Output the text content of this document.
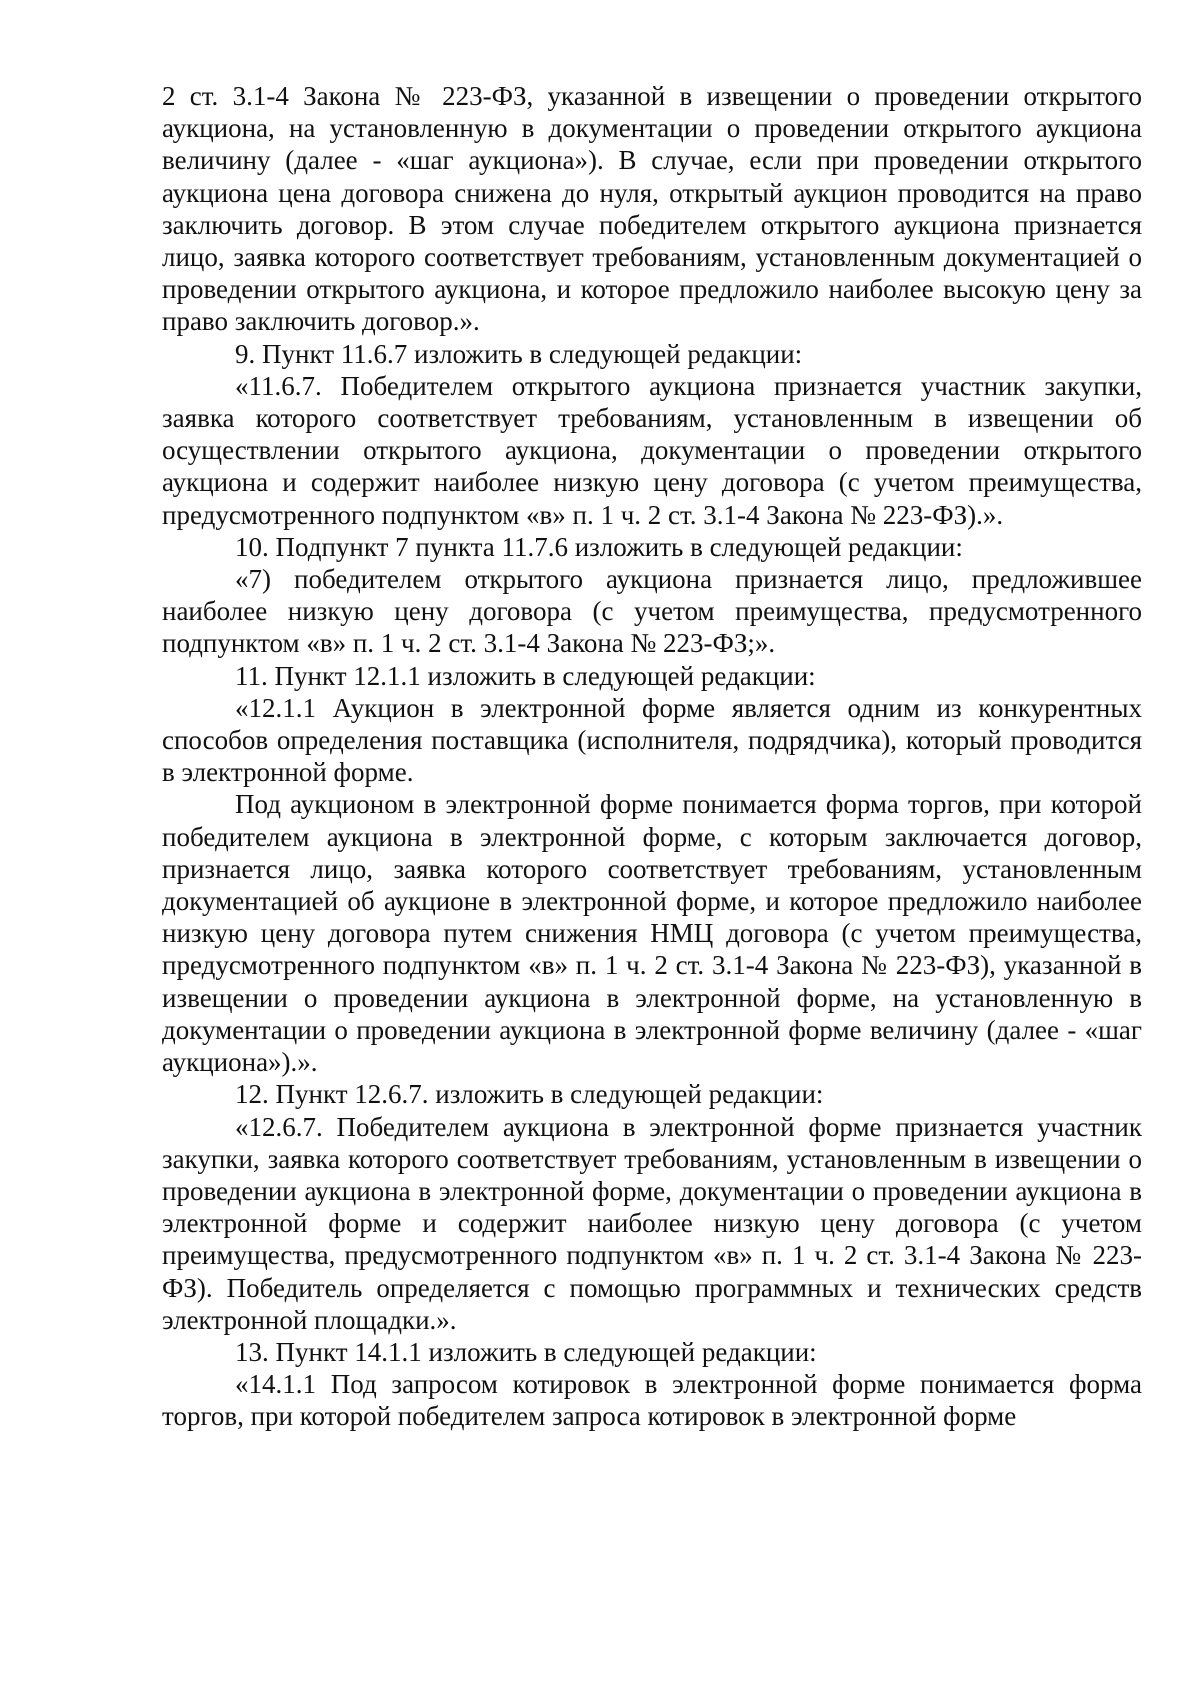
2 ст. 3.1-4 Закона № 223-ФЗ, указанной в извещении о проведении открытого аукциона, на установленную в документации о проведении открытого аукциона величину (далее - «шаг аукциона»). В случае, если при проведении открытого аукциона цена договора снижена до нуля, открытый аукцион проводится на право заключить договор. В этом случае победителем открытого аукциона признается лицо, заявка которого соответствует требованиям, установленным документацией о проведении открытого аукциона, и которое предложило наиболее высокую цену за право заключить договор.».

9. Пункт 11.6.7 изложить в следующей редакции:

«11.6.7. Победителем открытого аукциона признается участник закупки, заявка которого соответствует требованиям, установленным в извещении об осуществлении открытого аукциона, документации о проведении открытого аукциона и содержит наиболее низкую цену договора (с учетом преимущества, предусмотренного подпунктом «в» п. 1 ч. 2 ст. 3.1-4 Закона № 223-ФЗ).».

10. Подпункт 7 пункта 11.7.6 изложить в следующей редакции:

«7) победителем открытого аукциона признается лицо, предложившее наиболее низкую цену договора (с учетом преимущества, предусмотренного подпунктом «в» п. 1 ч. 2 ст. 3.1-4 Закона № 223-ФЗ;».

11. Пункт 12.1.1 изложить в следующей редакции:

«12.1.1 Аукцион в электронной форме является одним из конкурентных способов определения поставщика (исполнителя, подрядчика), который проводится в электронной форме.

Под аукционом в электронной форме понимается форма торгов, при которой победителем аукциона в электронной форме, с которым заключается договор, признается лицо, заявка которого соответствует требованиям, установленным документацией об аукционе в электронной форме, и которое предложило наиболее низкую цену договора путем снижения НМЦ договора (с учетом преимущества, предусмотренного подпунктом «в» п. 1 ч. 2 ст. 3.1-4 Закона № 223-ФЗ), указанной в извещении о проведении аукциона в электронной форме, на установленную в документации о проведении аукциона в электронной форме величину (далее - «шаг аукциона»).».

12. Пункт 12.6.7. изложить в следующей редакции:

«12.6.7. Победителем аукциона в электронной форме признается участник закупки, заявка которого соответствует требованиям, установленным в извещении о проведении аукциона в электронной форме, документации о проведении аукциона в электронной форме и содержит наиболее низкую цену договора (с учетом преимущества, предусмотренного подпунктом «в» п. 1 ч. 2 ст. 3.1-4 Закона № 223-ФЗ). Победитель определяется с помощью программных и технических средств электронной площадки.».

13. Пункт 14.1.1 изложить в следующей редакции:

«14.1.1 Под запросом котировок в электронной форме понимается форма торгов, при которой победителем запроса котировок в электронной форме
